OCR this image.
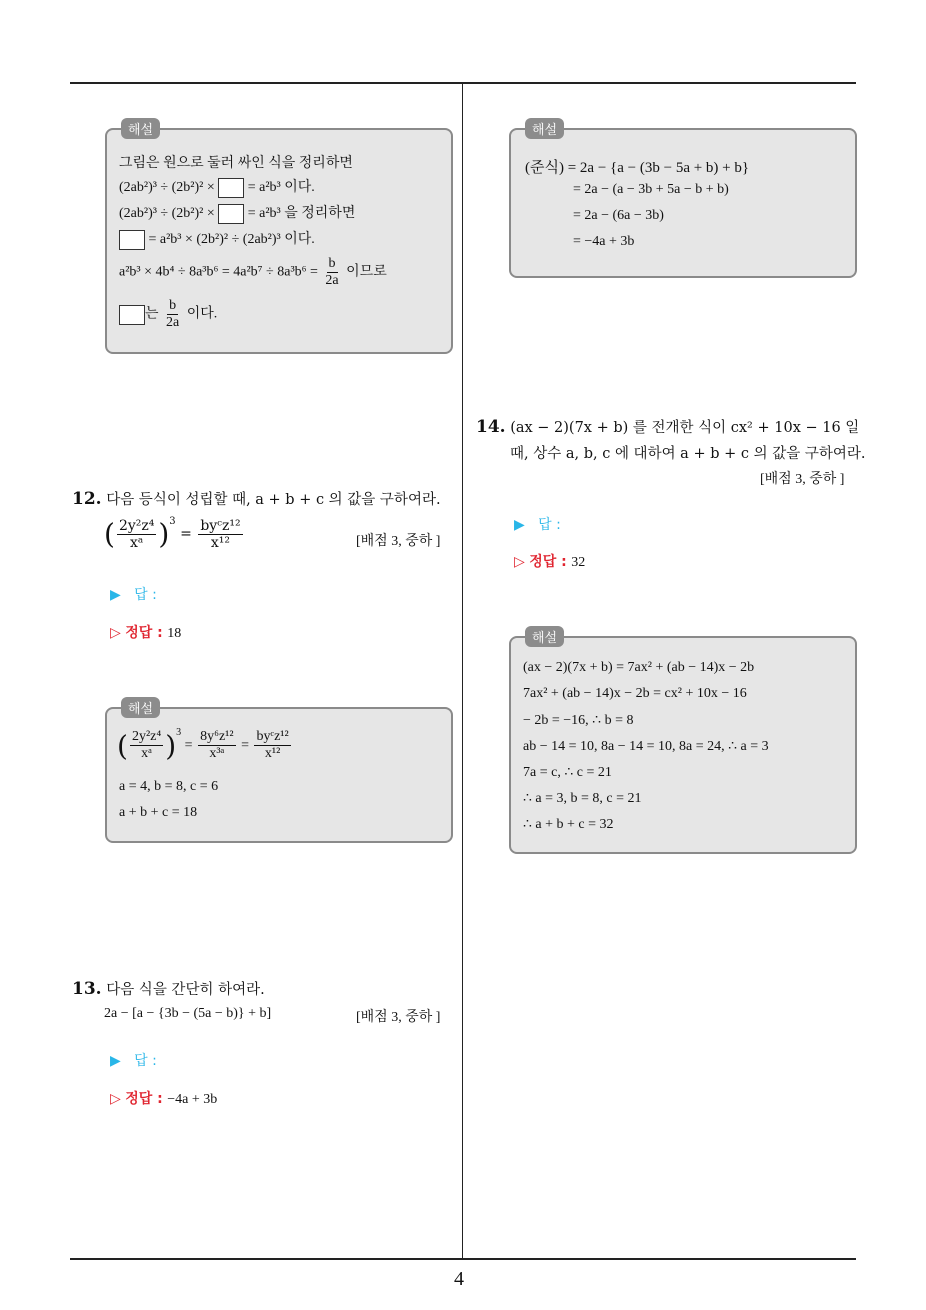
4
해설
그림은 원으로 둘러 싸인 식을 정리하면
(2ab²)³ ÷ (2b²)² × = a²b³ 이다.
(2ab²)³ ÷ (2b²)² × = a²b³ 을 정리하면
= a²b³ × (2b²)² ÷ (2ab²)³ 이다.
$a^2b^3 \times 4b^4 \div 8a^3b^6 = 4a^2b^7 \div 8a^3b^6 = \frac{b}{2a}$ 이므로
는 $\frac{b}{2a}$ 이다.
해설
(준식) = 2a − {a − (3b − 5a + b) + b}
= 2a − (a − 3b + 5a − b + b)
= 2a − (6a − 3b)
= −4a + 3b
12. 다음 등식이 성립할 때, a + b + c 의 값을 구하여라.
( $\frac{\text{2y²z⁴}}{\text{xᵃ}} )^3 = \frac{\text{byᶜz¹²}}{\text{x¹²}}$	[배점 3, 중하 ]
▶ 답 :
▷ 정답 : 18
해설
( $\frac{\text{2y²z⁴}}{\text{xᵃ}} )^3 = \frac{\text{8y⁶z¹²}}{\text{x³ᵃ}} = \frac{\text{byᶜz¹²}}{\text{x¹²}}$
a = 4, b = 8, c = 6
a + b + c = 18
13. 다음 식을 간단히 하여라.
2a − [a − {3b − (5a − b)} + b]	[배점 3, 중하 ]
▶ 답 :
▷ 정답 : −4a + 3b
14. (ax − 2)(7x + b) 를 전개한 식이 cx² + 10x − 16 일
때, 상수 a, b, c 에 대하여 a + b + c 의 값을 구하여라.
[배점 3, 중하 ]
▶ 답 :
▷ 정답 : 32
해설
(ax − 2)(7x + b) = 7ax² + (ab − 14)x − 2b
7ax² + (ab − 14)x − 2b = cx² + 10x − 16
− 2b = −16, ∴ b = 8
ab − 14 = 10, 8a − 14 = 10, 8a = 24, ∴ a = 3
7a = c, ∴ c = 21
∴ a = 3, b = 8, c = 21
∴ a + b + c = 32
